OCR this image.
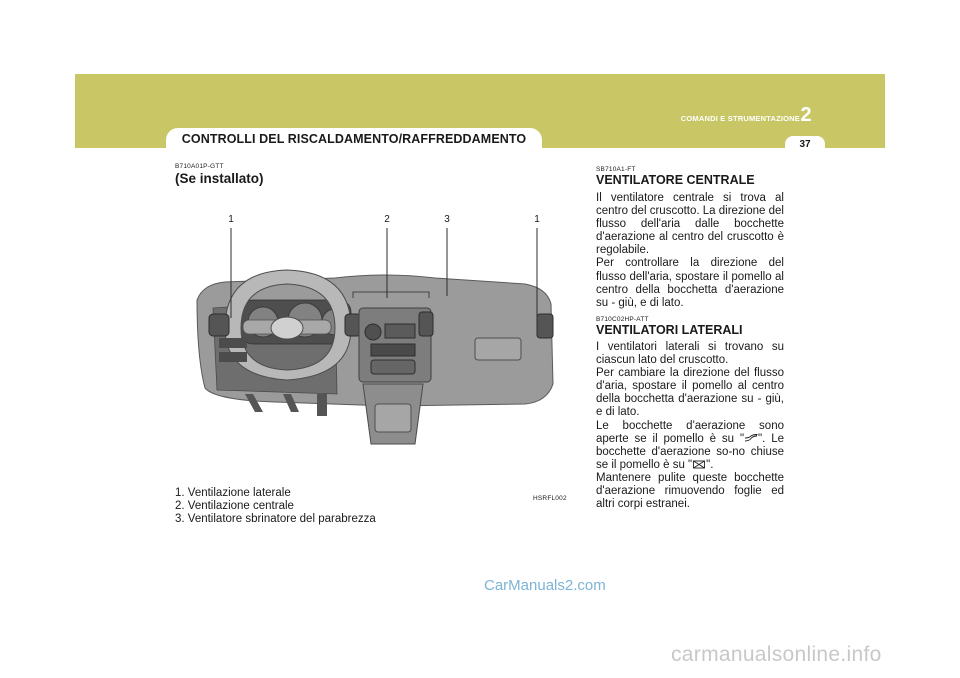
CONTROLLI DEL RISCALDAMENTO/RAFFREDDAMENTO
COMANDI E STRUMENTAZIONE 2
37
B710A01P-GTT
(Se installato)
1	2	3	1
1. Ventilazione laterale
2. Ventilazione centrale
3. Ventilatore sbrinatore del parabrezza
HSRFL002
SB710A1-FT
VENTILATORE CENTRALE

Il ventilatore centrale si trova al centro del cruscotto. La direzione del flusso dell'aria dalle bocchette d'aerazione al centro del cruscotto è regolabile.

Per controllare la direzione del flusso dell'aria, spostare il pomello al centro della bocchetta d'aerazione su - giù, e di lato.

B710C02HP-ATT
VENTILATORI LATERALI

I ventilatori laterali si trovano su ciascun lato del cruscotto.

Per cambiare la direzione del flusso d'aria, spostare il pomello al centro della bocchetta d'aerazione su - giù, e di lato.

Le bocchette d'aerazione sono aperte se il pomello è su " ". Le bocchette d'aerazione so-no chiuse se il pomello è su " ".

Mantenere pulite queste bocchette d'aerazione rimuovendo foglie ed altri corpi estranei.

CarManuals2.com
carmanualsonline.info
